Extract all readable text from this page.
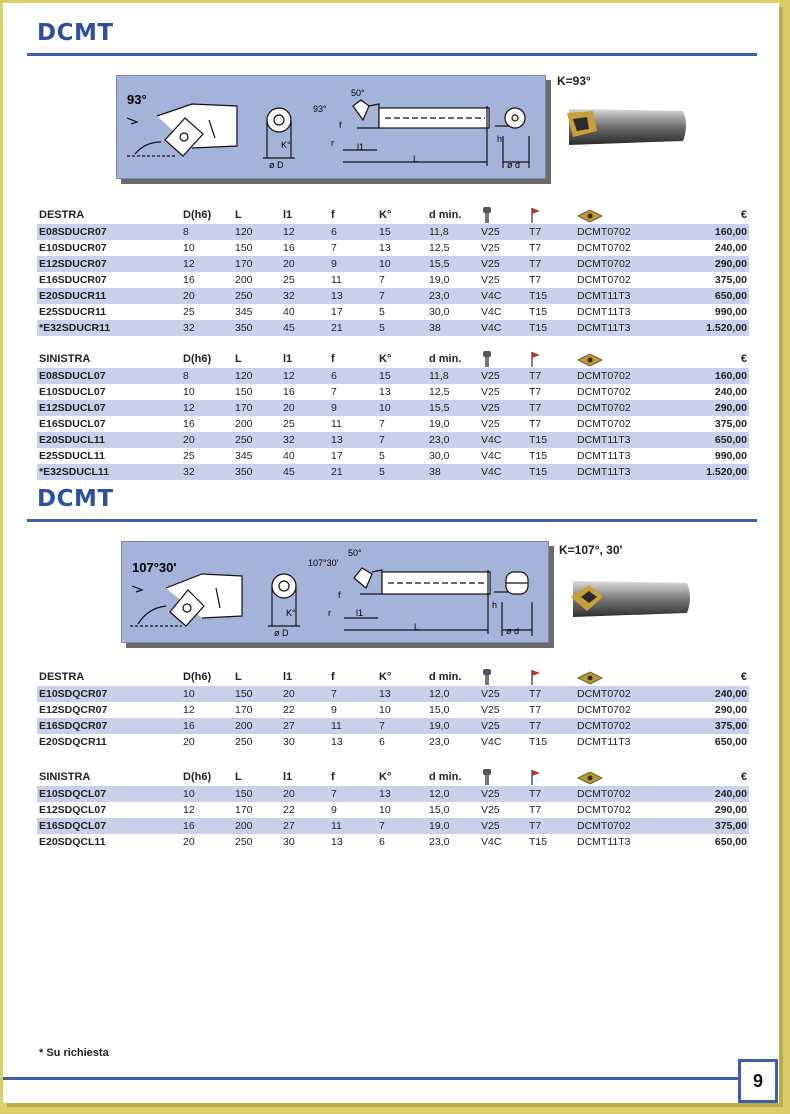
DCMT
93°
93°
50°
K°
ø D
f
r	l1
L
h
ø d
K=93°
DESTRA	D(h6)	L	l1	f	K°	d min.				€
E08SDUCR07	8	120	12	6	15	11,8	V25	T7	DCMT0702	160,00
E10SDUCR07	10	150	16	7	13	12,5	V25	T7	DCMT0702	240,00
E12SDUCR07	12	170	20	9	10	15,5	V25	T7	DCMT0702	290,00
E16SDUCR07	16	200	25	11	7	19,0	V25	T7	DCMT0702	375,00
E20SDUCR11	20	250	32	13	7	23,0	V4C	T15	DCMT11T3	650,00
E25SDUCR11	25	345	40	17	5	30,0	V4C	T15	DCMT11T3	990,00
*E32SDUCR11	32	350	45	21	5	38	V4C	T15	DCMT11T3	1.520,00
SINISTRA	D(h6)	L	l1	f	K°	d min.				€
E08SDUCL07	8	120	12	6	15	11,8	V25	T7	DCMT0702	160,00
E10SDUCL07	10	150	16	7	13	12,5	V25	T7	DCMT0702	240,00
E12SDUCL07	12	170	20	9	10	15,5	V25	T7	DCMT0702	290,00
E16SDUCL07	16	200	25	11	7	19,0	V25	T7	DCMT0702	375,00
E20SDUCL11	20	250	32	13	7	23,0	V4C	T15	DCMT11T3	650,00
E25SDUCL11	25	345	40	17	5	30,0	V4C	T15	DCMT11T3	990,00
*E32SDUCL11	32	350	45	21	5	38	V4C	T15	DCMT11T3	1.520,00
DCMT
107°30'	107°30'
50°
K°
ø D
f
r	l1
L
h
ø d
K=107°, 30'
DESTRA	D(h6)	L	l1	f	K°	d min.				€
E10SDQCR07	10	150	20	7	13	12,0	V25	T7	DCMT0702	240,00
E12SDQCR07	12	170	22	9	10	15,0	V25	T7	DCMT0702	290,00
E16SDQCR07	16	200	27	11	7	19,0	V25	T7	DCMT0702	375,00
E20SDQCR11	20	250	30	13	6	23,0	V4C	T15	DCMT11T3	650,00
SINISTRA	D(h6)	L	l1	f	K°	d min.				€
E10SDQCL07	10	150	20	7	13	12,0	V25	T7	DCMT0702	240,00
E12SDQCL07	12	170	22	9	10	15,0	V25	T7	DCMT0702	290,00
E16SDQCL07	16	200	27	11	7	19,0	V25	T7	DCMT0702	375,00
E20SDQCL11	20	250	30	13	6	23,0	V4C	T15	DCMT11T3	650,00
* Su richiesta
9
